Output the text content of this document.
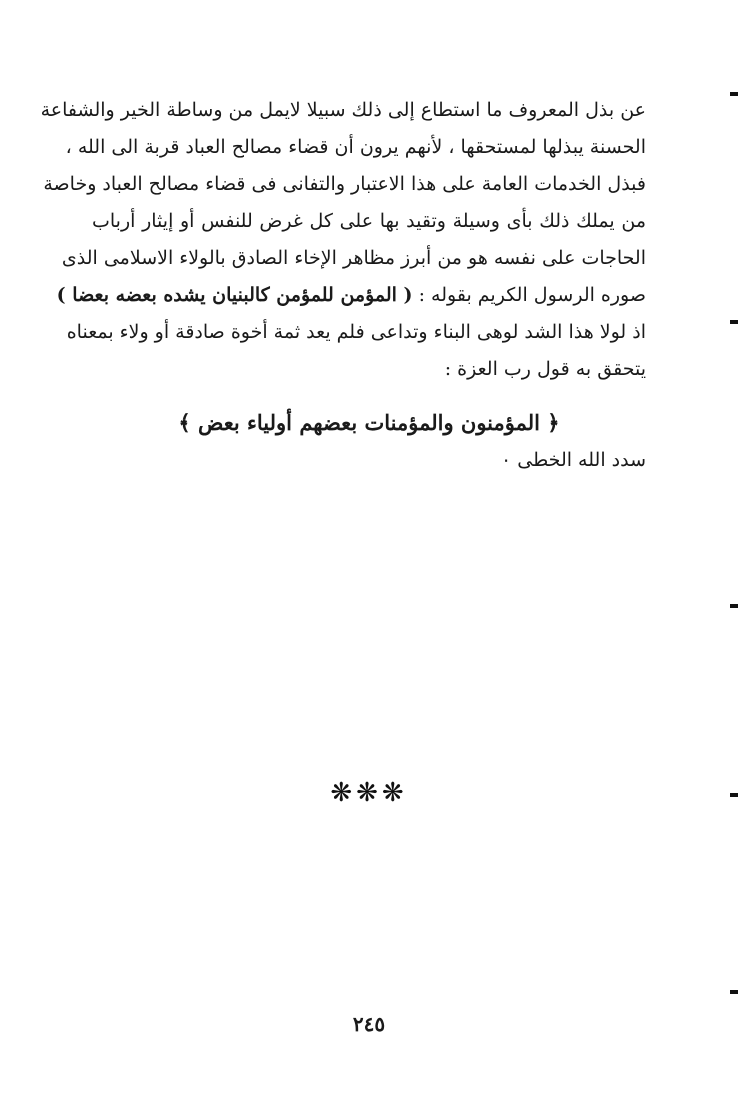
عن بذل المعروف ما استطاع إلى ذلك سبيلا لايمل من وساطة الخير والشفاعة
الحسنة يبذلها لمستحقها ، لأنهم يرون أن قضاء مصالح العباد قربة الى الله ،
فبذل الخدمات العامة على هذا الاعتبار والتفانى فى قضاء مصالح العباد وخاصة
من يملك ذلك بأى وسيلة وتقيد بها على كل غرض للنفس أو إيثار أرباب
الحاجات على نفسه هو من أبرز مظاهر الإخاء الصادق بالولاء الاسلامى الذى
صوره الرسول الكريم بقوله : ( المؤمن للمؤمن كالبنيان يشده بعضه بعضا )
اذ لولا هذا الشد لوهى البناء وتداعى فلم يعد ثمة أخوة صادقة أو ولاء بمعناه
يتحقق به قول رب العزة :
﴿ المؤمنون والمؤمنات بعضهم أولياء بعض ﴾
سدد الله الخطى ٠
❋❋❋
٢٤٥
